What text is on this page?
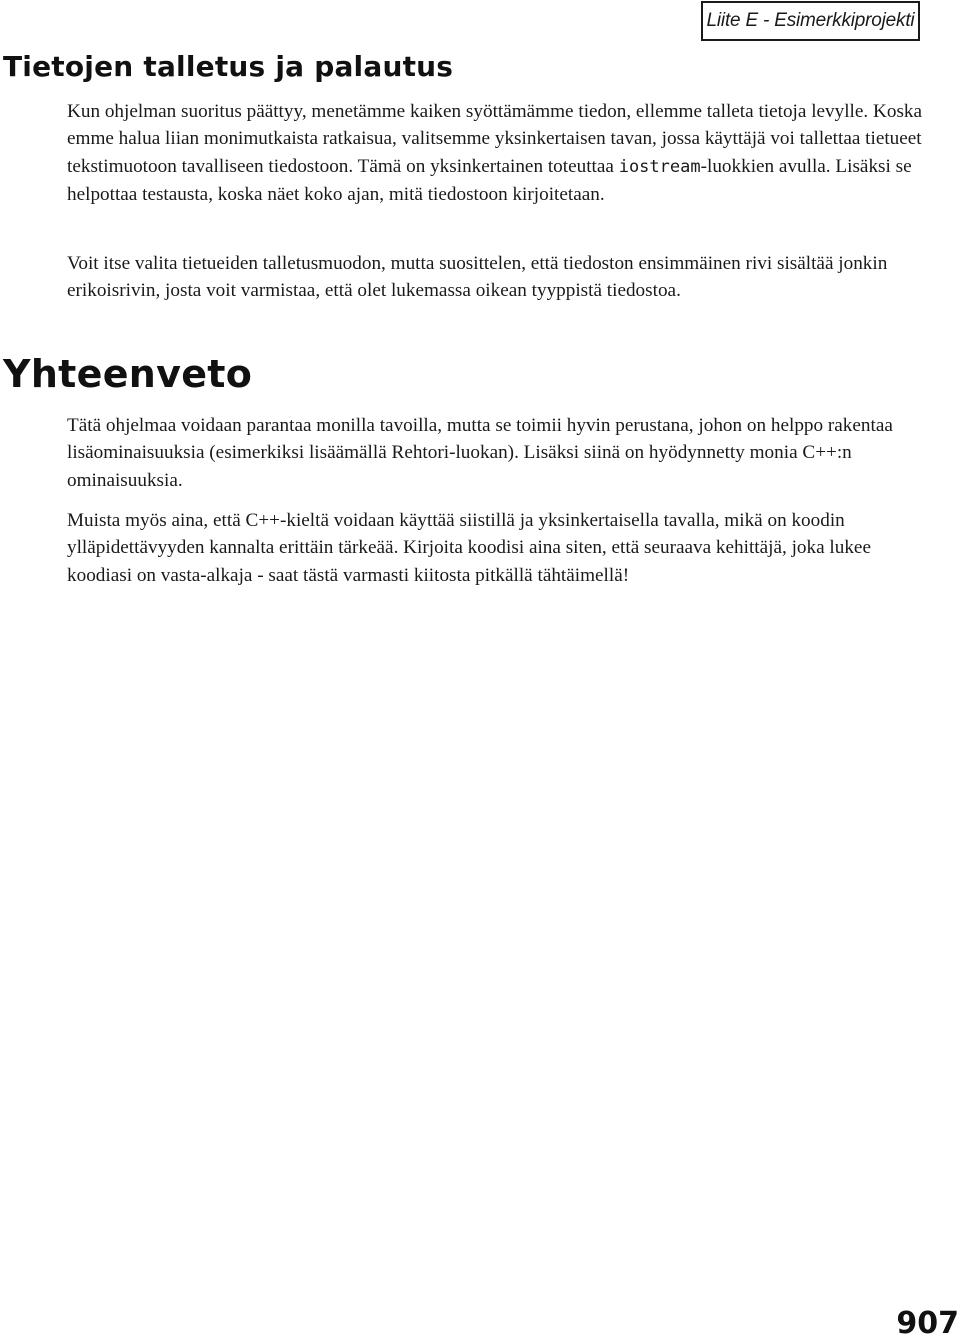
Liite E - Esimerkkiprojekti
Tietojen talletus ja palautus

Kun ohjelman suoritus päättyy, menetämme kaiken syöttämämme tiedon, ellemme talleta tietoja levylle. Koska emme halua liian monimutkaista ratkaisua, valitsemme yksinkertaisen tavan, jossa käyttäjä voi tallettaa tietueet tekstimuotoon tavalliseen tiedostoon. Tämä on yksinkertainen toteuttaa iostream-luokkien avulla. Lisäksi se helpottaa testausta, koska näet koko ajan, mitä tiedostoon kirjoitetaan.

Voit itse valita tietueiden talletusmuodon, mutta suosittelen, että tiedoston ensimmäinen rivi sisältää jonkin erikoisrivin, josta voit varmistaa, että olet lukemassa oikean tyyppistä tiedostoa.

Yhteenveto

Tätä ohjelmaa voidaan parantaa monilla tavoilla, mutta se toimii hyvin perustana, johon on helppo rakentaa lisäominaisuuksia (esimerkiksi lisäämällä Rehtori-luokan). Lisäksi siinä on hyödynnetty monia C++:n ominaisuuksia.

Muista myös aina, että C++-kieltä voidaan käyttää siistillä ja yksinkertaisella tavalla, mikä on koodin ylläpidettävyyden kannalta erittäin tärkeää. Kirjoita koodisi aina siten, että seuraava kehittäjä, joka lukee koodiasi on vasta-alkaja - saat tästä varmasti kiitosta pitkällä tähtäimellä!

907
